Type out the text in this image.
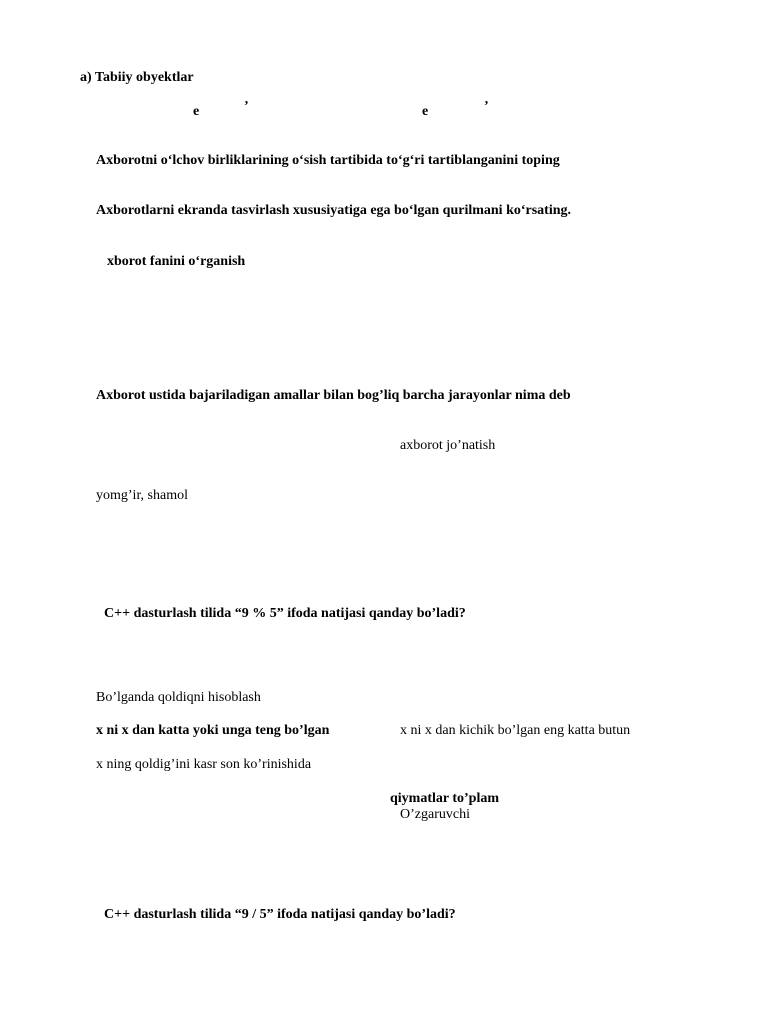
a) Tabiiy obyektlar
e	’	e	’
Axborotni o‘lchov birliklarining o‘sish tartibida to‘g‘ri tartiblanganini toping
Axborotlarni ekranda tasvirlash xususiyatiga ega bo‘lgan qurilmani ko‘rsating.
xborot fanini o‘rganish
Axborot ustida bajariladigan amallar bilan bog’liq barcha jarayonlar nima deb
axborot jo’natish
yomg’ir, shamol
C++ dasturlash tilida “9 % 5” ifoda natijasi qanday bo’ladi?
Bo’lganda qoldiqni hisoblash
x ni x dan katta yoki unga teng bo’lgan	x ni x dan kichik bo’lgan eng katta butun
x ning qoldig’ini kasr son ko’rinishida
qiymatlar to’plam
O’zgaruvchi
C++ dasturlash tilida “9 / 5” ifoda natijasi qanday bo’ladi?
